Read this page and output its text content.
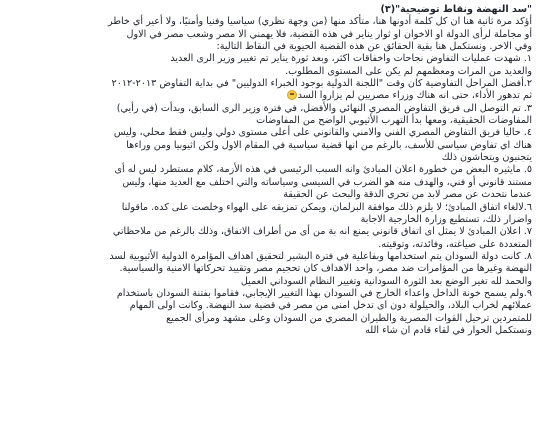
"سد النهضة ونقاط توضيحية"(٣)

أؤكد مرة ثانية هنا ان كل كلمة أدونها هنا، متأكد منها (من وجهة نظري) سياسيا وفنيا وأمنيًا، ولا أعير أي خاطر

أو مجاملة لرأى الدولة او الاخوان او ثوار يناير في هذه القضية، فلا يهمني الا مصر وشعب مصر في الاول

وفي الاخر. ونستكمل هنا بقية الحقائق عن هذه القضية الحيوية في النقاط التالية:

١. شهدت عمليات التفاوض نجاحات واخفاقات اكثر، وبعد ثورة يناير تم تغيير وزير الرى العديد

والعديد من المرات ومعظمهم لم يكن على المستوى المطلوب.

٢.أفضل المراحل التفاوضية كان وقت "اللجنة الدولية بوجود الخبراء الدوليين" في بداية التفاوض ٢٠١٣-٢٠١٢

ثم تدهور الأداء، حتى انه هناك وزراء مصريين لم يزاروا السد

٣. تم التوصل الى فريق التفاوض المصري النهائي والأفضل، في فترة وزير الرى السابق، وبدأت (في رأيي)

المفاوضات الحقيقية، ومعها بدأ التهرب الأثيوبي الواضح من المفاوضات

٤. حاليا فريق التفاوض المصري الفني والامني والقانوني على أعلى مستوى دولي وليس فقط محلي، وليس

هناك اي تفاوض سياسي للأسف، بالرغم من انها قضية سياسية في المقام الاول ولكن اثيوبيا ومن وراءها

يتجنبون ويتحاشون ذلك

٥. مايثيره البعض من خطورة اعلان المبادئ وانه السبب الرئيسي في هذه الأزمة، كلام مستطرد ليس له أى

مستند قانوني أو فني، والهدف منه هو الضرب في السيسي وسياساته والتي اختلف مع العديد منها، وليس

عندما نتحدث عن مصر لابد من تحري الدقة والبحث عن الحقيقة

٦.لالغاء اتفاق المبادئ؛ لا يلزم ذلك موافقة البرلمان، ويمكن تمزيقه على الهواء وخلصت على كده. ماقولنا

واضرار ذلك، تستطيع وزارة الخارجية الاجابة

٧. اعلان المبادئ لا يمثل اى اتفاق قانوني يمنع انه بة من أى من أطراف الاتفاق، وذلك بالرغم من ملاحظاتي

المتعددة على صياغته، وفائدته، وتوقيته.

٨. كانت دولة السودان يتم استخدامها وبفاعلية في فترة البشير لتحقيق اهداف المؤامرة الدولية الأثيوبية لسد

النهضة وغيرها من المؤامرات ضد مصر، واحد الاهداف كان تحجيم مصر وتقييد تحركاتها الامنية والسياسية.

والحمد لله تغير الوضع بعد الثورة السودانية وتغيير النظام السوداني العميل

٩.ولم يسمح خونة الداخل واعداء الخارج في السودان بهذا التغيير الإيجابي، فقاموا بفتنة السودان باستخدام

عملائهم لخراب البلاد، والحيلولة دون اى تدخل امنى من مصر في قضية سد النهضة. وكانت اولى المهام

للمتمردين ترحيل القوات المصرية والطيران المصري من السودان وعلى مشهد ومرأى الجميع

ونستكمل الحوار في لقاء قادم ان شاء الله
